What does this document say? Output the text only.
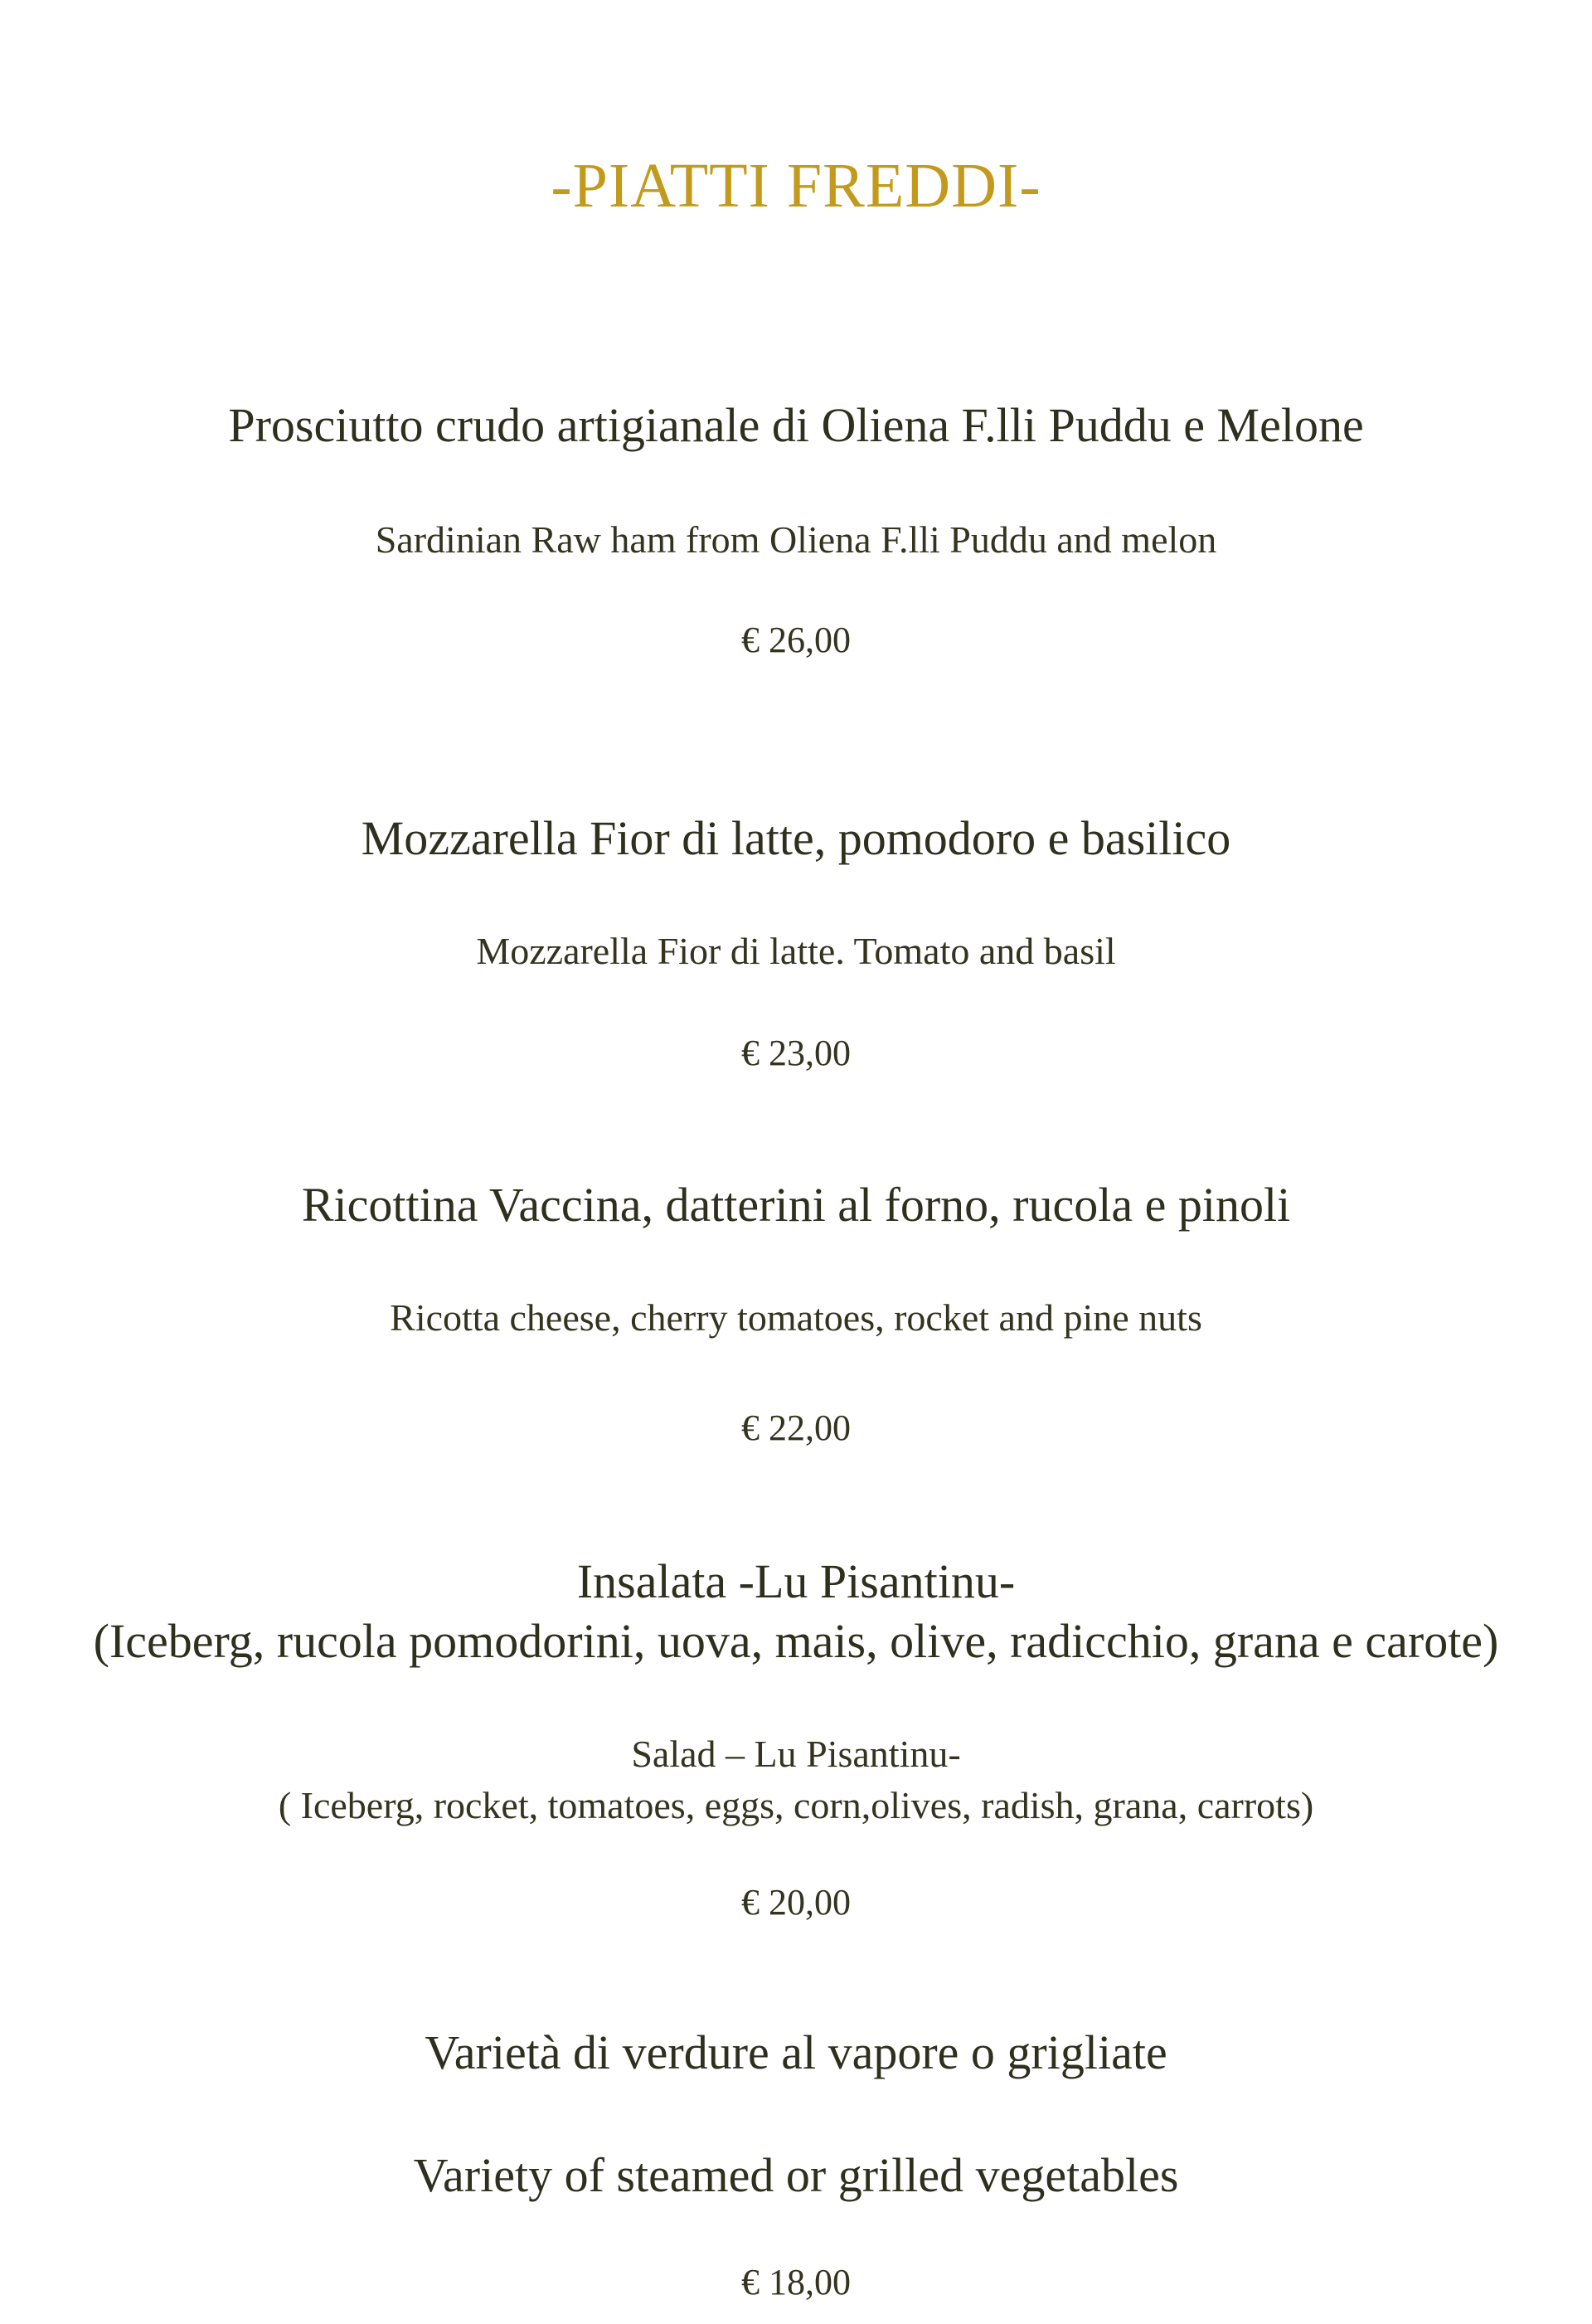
-PIATTI FREDDI-
Prosciutto crudo artigianale di Oliena F.lli Puddu e Melone
Sardinian Raw ham from Oliena F.lli Puddu and melon
€ 26,00
Mozzarella Fior di latte, pomodoro e basilico
Mozzarella Fior di latte. Tomato and basil
€ 23,00
Ricottina Vaccina, datterini al forno, rucola e pinoli
Ricotta cheese, cherry tomatoes, rocket and pine nuts
€ 22,00
Insalata -Lu Pisantinu-
(Iceberg, rucola pomodorini, uova, mais, olive, radicchio, grana e carote)
Salad – Lu Pisantinu-
( Iceberg, rocket, tomatoes, eggs, corn,olives, radish, grana, carrots)
€ 20,00
Varietà di verdure al vapore o grigliate
Variety of steamed or grilled vegetables
€ 18,00
